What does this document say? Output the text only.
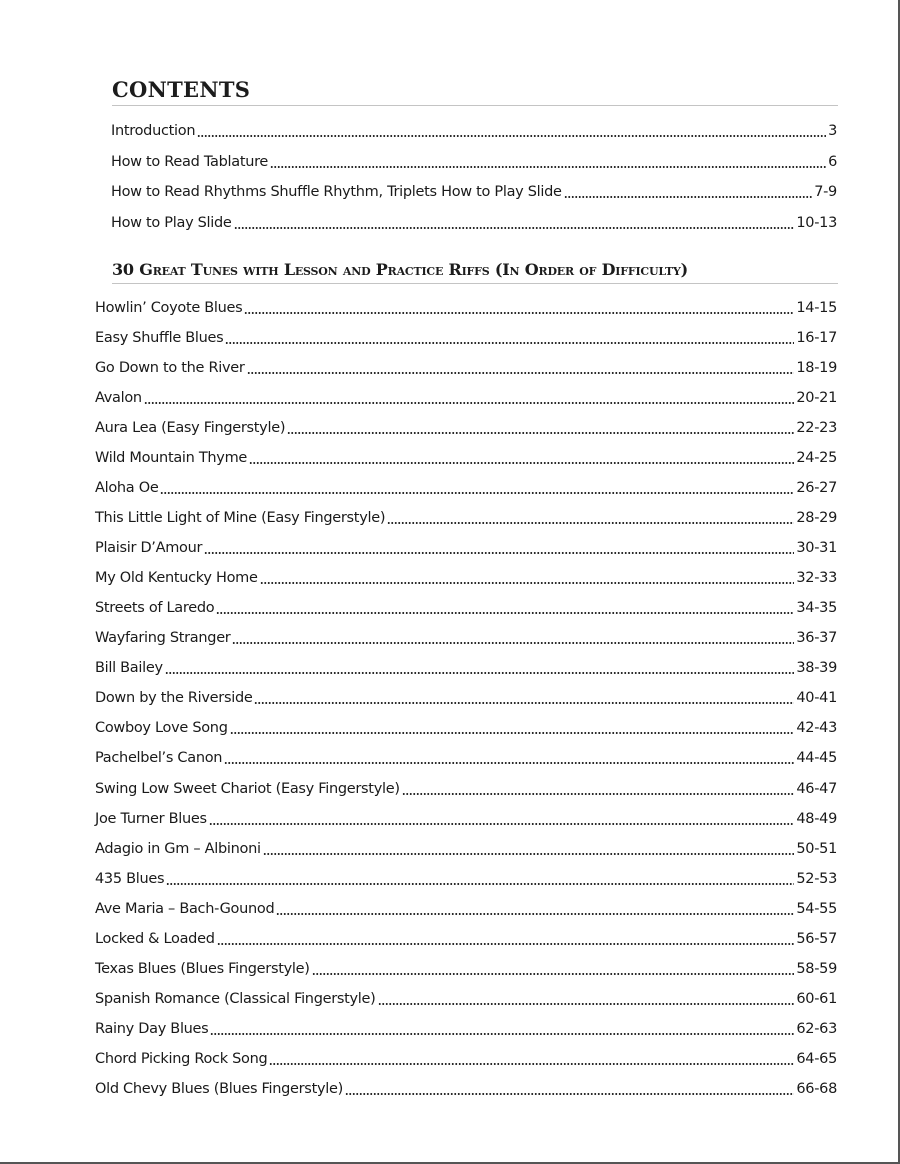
CONTENTS
Introduction	3
How to Read Tablature	6
How to Read Rhythms Shuffle Rhythm, Triplets How to Play Slide	7-9
How to Play Slide	10-13
30 Great Tunes with Lesson and Practice Riffs (In Order of Difficulty)
Howlin’ Coyote Blues	14-15
Easy Shuffle Blues	16-17
Go Down to the River	18-19
Avalon	20-21
Aura Lea (Easy Fingerstyle)	22-23
Wild Mountain Thyme	24-25
Aloha Oe	26-27
This Little Light of Mine (Easy Fingerstyle)	28-29
Plaisir D’Amour	30-31
My Old Kentucky Home	32-33
Streets of Laredo	34-35
Wayfaring Stranger	36-37
Bill Bailey	38-39
Down by the Riverside	40-41
Cowboy Love Song	42-43
Pachelbel’s Canon	44-45
Swing Low Sweet Chariot (Easy Fingerstyle)	46-47
Joe Turner Blues	48-49
Adagio in Gm – Albinoni	50-51
435 Blues	52-53
Ave Maria – Bach-Gounod	54-55
Locked & Loaded	56-57
Texas Blues (Blues Fingerstyle)	58-59
Spanish Romance (Classical Fingerstyle)	60-61
Rainy Day Blues	62-63
Chord Picking Rock Song	64-65
Old Chevy Blues (Blues Fingerstyle)	66-68
